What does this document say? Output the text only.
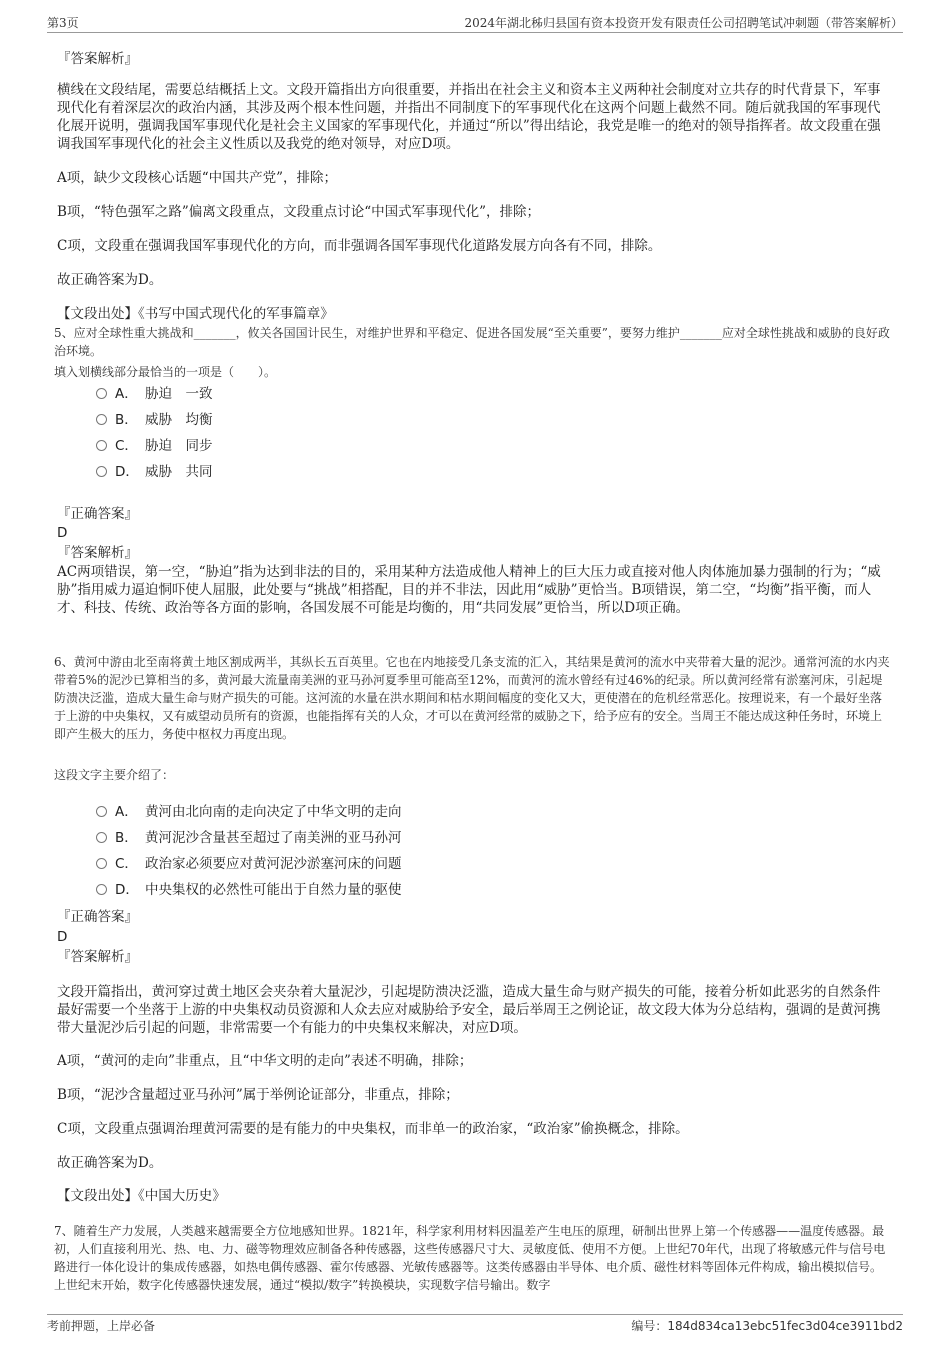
第3页	2024年湖北秭归县国有资本投资开发有限责任公司招聘笔试冲刺题（带答案解析）
『答案解析』
横线在文段结尾，需要总结概括上文。文段开篇指出方向很重要，并指出在社会主义和资本主义两种社会制度对立共存的时代背景下，军事现代化有着深层次的政治内涵，其涉及两个根本性问题，并指出不同制度下的军事现代化在这两个问题上截然不同。随后就我国的军事现代化展开说明，强调我国军事现代化是社会主义国家的军事现代化，并通过“所以”得出结论，我党是唯一的绝对的领导指挥者。故文段重在强调我国军事现代化的社会主义性质以及我党的绝对领导，对应D项。
A项，缺少文段核心话题“中国共产党”，排除；
B项，“特色强军之路”偏离文段重点，文段重点讨论“中国式军事现代化”，排除；
C项，文段重在强调我国军事现代化的方向，而非强调各国军事现代化道路发展方向各有不同，排除。
故正确答案为D。
【文段出处】《书写中国式现代化的军事篇章》
5、应对全球性重大挑战和_______，攸关各国国计民生，对维护世界和平稳定、促进各国发展“至关重要”，要努力维护_______应对全球性挑战和威胁的良好政治环境。
填入划横线部分最恰当的一项是（　　）。
A． 胁迫　一致
B． 威胁　均衡
C． 胁迫　同步
D． 威胁　共同
『正确答案』
D
『答案解析』
AC两项错误，第一空，“胁迫”指为达到非法的目的，采用某种方法造成他人精神上的巨大压力或直接对他人肉体施加暴力强制的行为；“威胁”指用威力逼迫恫吓使人屈服，此处要与“挑战”相搭配，目的并不非法，因此用“威胁”更恰当。B项错误，第二空，“均衡”指平衡，而人才、科技、传统、政治等各方面的影响，各国发展不可能是均衡的，用“共同发展”更恰当，所以D项正确。
6、黄河中游由北至南将黄土地区割成两半，其纵长五百英里。它也在内地接受几条支流的汇入，其结果是黄河的流水中夹带着大量的泥沙。通常河流的水内夹带着5%的泥沙已算相当的多，黄河最大流量南美洲的亚马孙河夏季里可能高至12%，而黄河的流水曾经有过46%的纪录。所以黄河经常有淤塞河床，引起堤防溃决泛滥，造成大量生命与财产损失的可能。这河流的水量在洪水期间和枯水期间幅度的变化又大，更使潜在的危机经常恶化。按理说来，有一个最好坐落于上游的中央集权，又有威望动员所有的资源，也能指挥有关的人众，才可以在黄河经常的威胁之下，给予应有的安全。当周王不能达成这种任务时，环境上即产生极大的压力，务使中枢权力再度出现。
这段文字主要介绍了：
A． 黄河由北向南的走向决定了中华文明的走向
B． 黄河泥沙含量甚至超过了南美洲的亚马孙河
C． 政治家必须要应对黄河泥沙淤塞河床的问题
D． 中央集权的必然性可能出于自然力量的驱使
『正确答案』
D
『答案解析』
文段开篇指出，黄河穿过黄土地区会夹杂着大量泥沙，引起堤防溃决泛滥，造成大量生命与财产损失的可能，接着分析如此恶劣的自然条件最好需要一个坐落于上游的中央集权动员资源和人众去应对威胁给予安全，最后举周王之例论证，故文段大体为分总结构，强调的是黄河携带大量泥沙后引起的问题，非常需要一个有能力的中央集权来解决，对应D项。
A项，“黄河的走向”非重点，且“中华文明的走向”表述不明确，排除；
B项，“泥沙含量超过亚马孙河”属于举例论证部分，非重点，排除；
C项，文段重点强调治理黄河需要的是有能力的中央集权，而非单一的政治家，“政治家”偷换概念，排除。
故正确答案为D。
【文段出处】《中国大历史》
7、随着生产力发展，人类越来越需要全方位地感知世界。1821年，科学家利用材料因温差产生电压的原理，研制出世界上第一个传感器——温度传感器。最初，人们直接利用光、热、电、力、磁等物理效应制备各种传感器，这些传感器尺寸大、灵敏度低、使用不方便。上世纪70年代，出现了将敏感元件与信号电路进行一体化设计的集成传感器，如热电偶传感器、霍尔传感器、光敏传感器等。这类传感器由半导体、电介质、磁性材料等固体元件构成，输出模拟信号。上世纪末开始，数字化传感器快速发展，通过“模拟/数字”转换模块，实现数字信号输出。数字
考前押题，上岸必备	编号：184d834ca13ebc51fec3d04ce3911bd2
